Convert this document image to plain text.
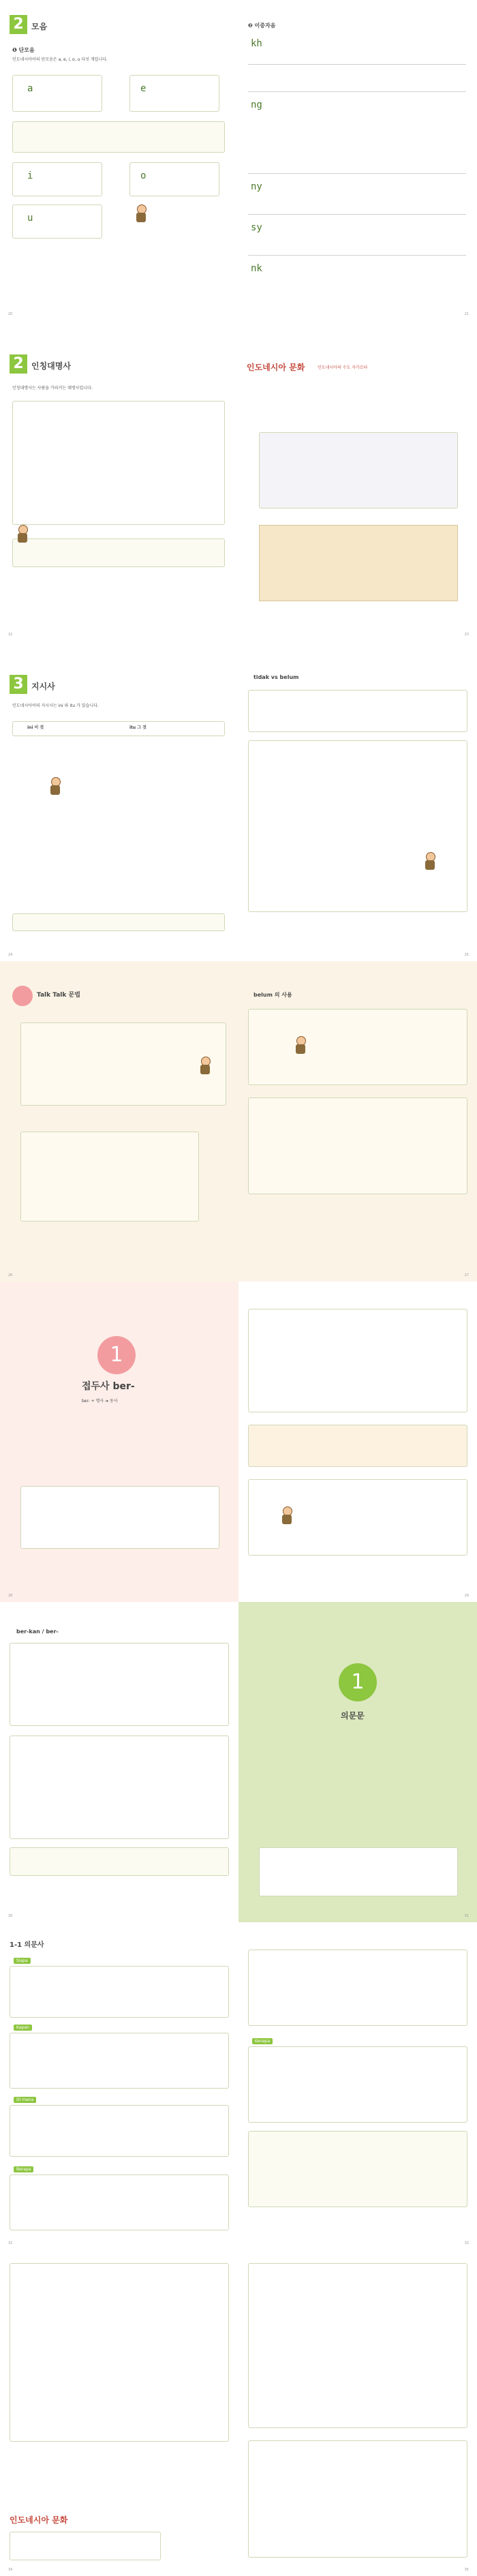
2 모음
❶ 단모음
인도네시아어의 단모음은 a, e, i, o, u 다섯 개입니다.
a	e
i	o
u
20
❷ 이중자음
kh
ng
ny
sy
nk
21
2 인칭대명사
인칭대명사는 사람을 가리키는 대명사입니다.
22
인도네시아 문화	인도네시아의 수도 자카르타
23
3 지시사
인도네시아어의 지시사는 ini 와 itu 가 있습니다.
ini 이 것	itu 그 것
24
tidak vs belum
25
Talk Talk 문법
26
belum 의 사용
27
1
접두사 ber-
ber- + 명사 ➜ 동사
28	29
ber-kan / ber-
30
1
의문문
31
1-1 의문사
Siapa
Kapan
Di mana
Berapa
32
Kenapa
33
인도네시아 문화
34	35
